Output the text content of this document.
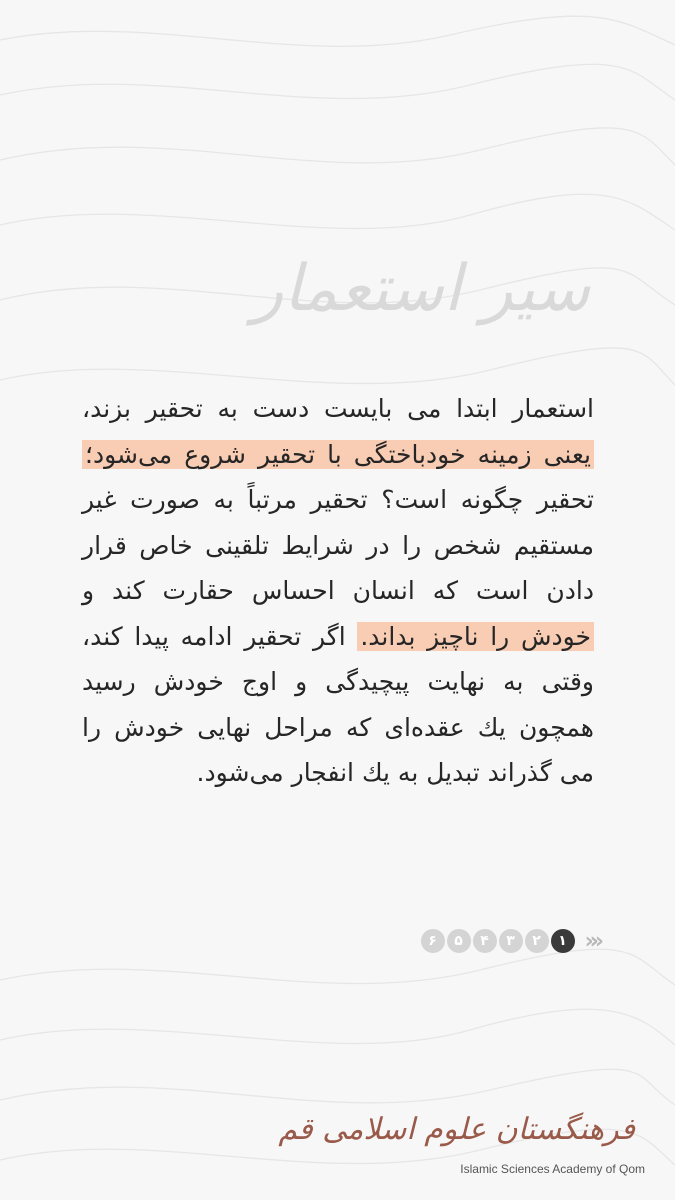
سیر استعمار
استعمار ابتدا می بایست دست به تحقیر بزند، یعنی زمینه خودباختگی با تحقیر شروع می‌شود؛ تحقیر چگونه است؟ تحقیر مرتباً به صورت غیر مستقیم شخص را در شرایط تلقینی خاص قرار دادن است که انسان احساس حقارت کند و خودش را ناچیز بداند. اگر تحقیر ادامه پیدا کند، وقتی به نهایت پیچیدگی و اوج خودش رسید همچون یك عقده‌ای که مراحل نهایی خودش را می گذراند تبدیل به یك انفجار می‌شود.
»»
۱
۲
۳
۴
۵
۶
فرهنگستان علوم اسلامی قم
Islamic Sciences Academy of Qom
